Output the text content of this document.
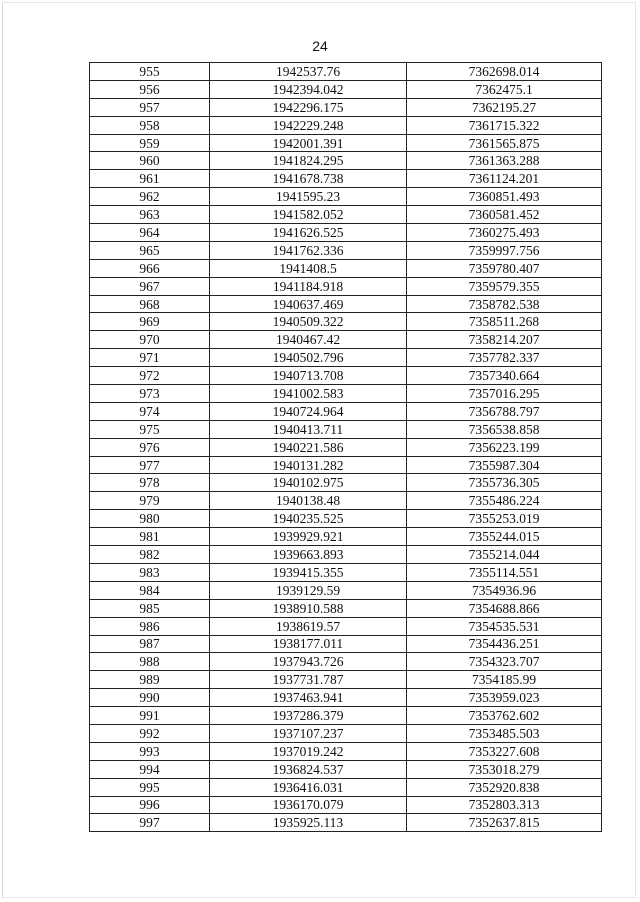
24
955	1942537.76	7362698.014
956	1942394.042	7362475.1
957	1942296.175	7362195.27
958	1942229.248	7361715.322
959	1942001.391	7361565.875
960	1941824.295	7361363.288
961	1941678.738	7361124.201
962	1941595.23	7360851.493
963	1941582.052	7360581.452
964	1941626.525	7360275.493
965	1941762.336	7359997.756
966	1941408.5	7359780.407
967	1941184.918	7359579.355
968	1940637.469	7358782.538
969	1940509.322	7358511.268
970	1940467.42	7358214.207
971	1940502.796	7357782.337
972	1940713.708	7357340.664
973	1941002.583	7357016.295
974	1940724.964	7356788.797
975	1940413.711	7356538.858
976	1940221.586	7356223.199
977	1940131.282	7355987.304
978	1940102.975	7355736.305
979	1940138.48	7355486.224
980	1940235.525	7355253.019
981	1939929.921	7355244.015
982	1939663.893	7355214.044
983	1939415.355	7355114.551
984	1939129.59	7354936.96
985	1938910.588	7354688.866
986	1938619.57	7354535.531
987	1938177.011	7354436.251
988	1937943.726	7354323.707
989	1937731.787	7354185.99
990	1937463.941	7353959.023
991	1937286.379	7353762.602
992	1937107.237	7353485.503
993	1937019.242	7353227.608
994	1936824.537	7353018.279
995	1936416.031	7352920.838
996	1936170.079	7352803.313
997	1935925.113	7352637.815
